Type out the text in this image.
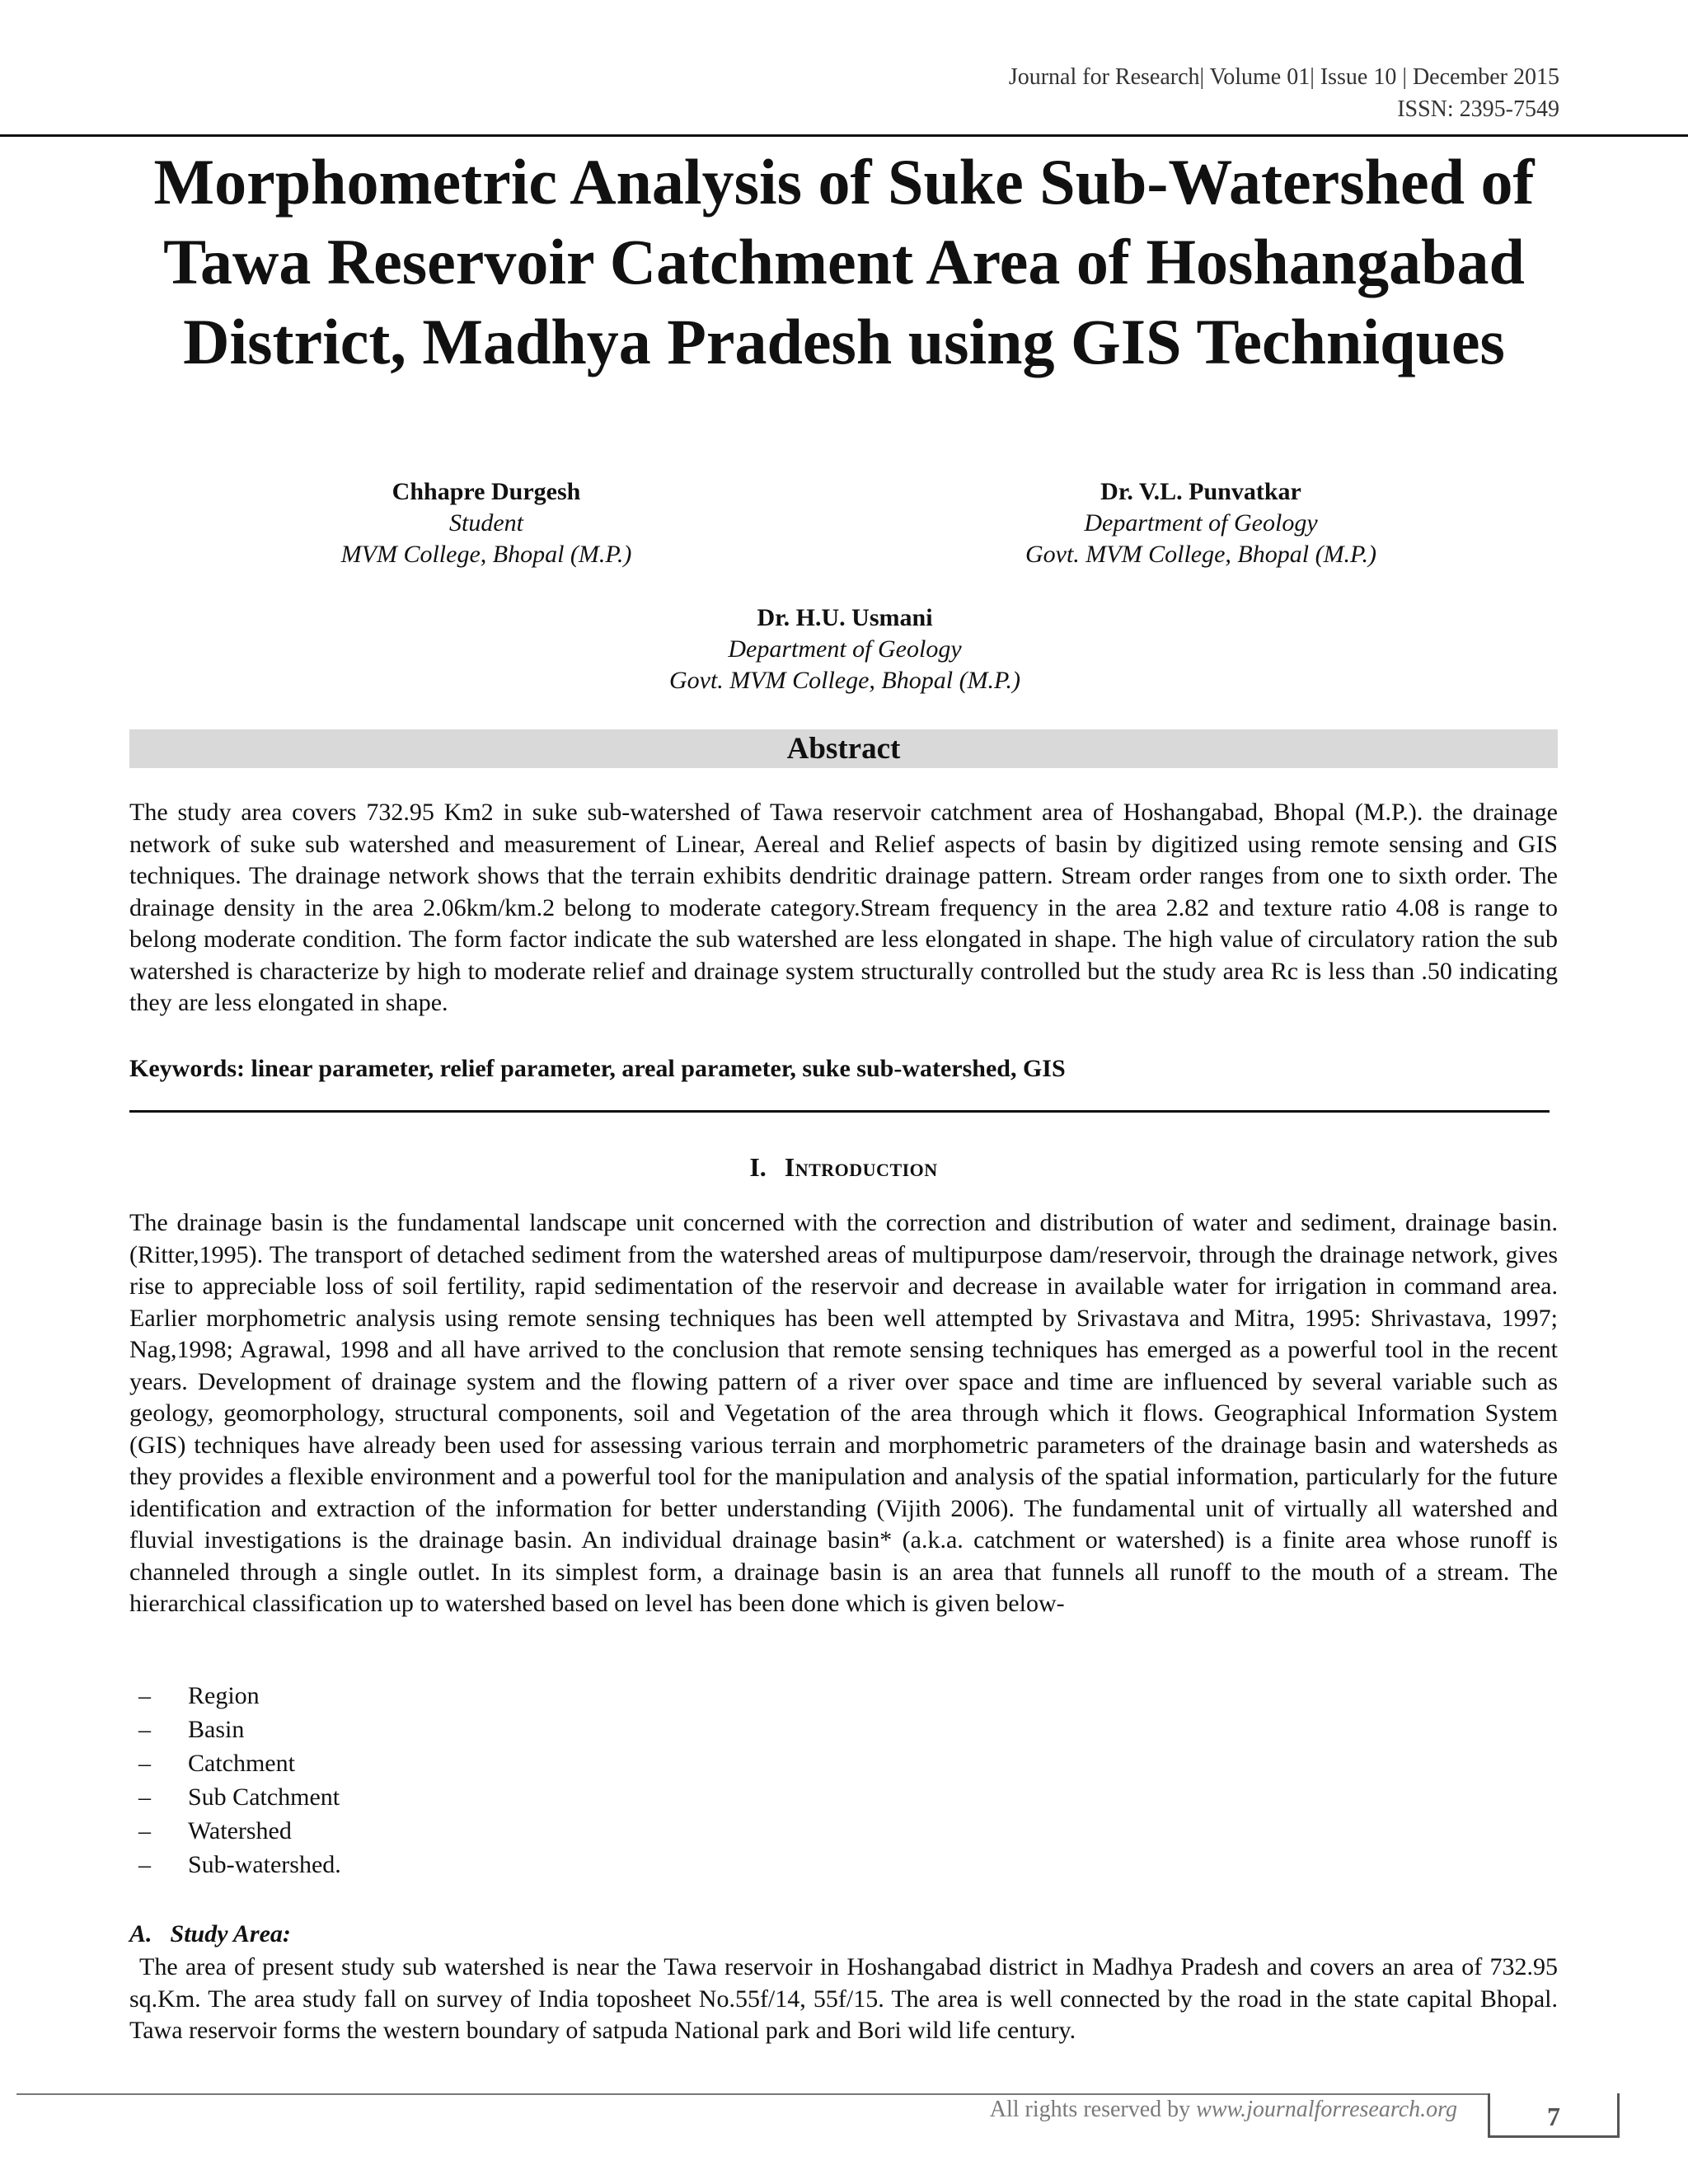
Journal for Research| Volume 01| Issue 10 | December 2015
ISSN: 2395-7549
Morphometric Analysis of Suke Sub-Watershed of Tawa Reservoir Catchment Area of Hoshangabad District, Madhya Pradesh using GIS Techniques
Chhapre Durgesh
Student
MVM College, Bhopal (M.P.)
Dr. V.L. Punvatkar
Department of Geology
Govt. MVM College, Bhopal (M.P.)
Dr. H.U. Usmani
Department of Geology
Govt. MVM College, Bhopal (M.P.)
Abstract

The study area covers 732.95 Km2 in suke sub-watershed of Tawa reservoir catchment area of Hoshangabad, Bhopal (M.P.). the drainage network of suke sub watershed and measurement of Linear, Aereal and Relief aspects of basin by digitized using remote sensing and GIS techniques. The drainage network shows that the terrain exhibits dendritic drainage pattern. Stream order ranges from one to sixth order. The drainage density in the area 2.06km/km.2 belong to moderate category.Stream frequency in the area 2.82 and texture ratio 4.08 is range to belong moderate condition. The form factor indicate the sub watershed are less elongated in shape. The high value of circulatory ration the sub watershed is characterize by high to moderate relief and drainage system structurally controlled but the study area Rc is less than .50 indicating they are less elongated in shape.

Keywords: linear parameter, relief parameter, areal parameter, suke sub-watershed, GIS
I. Introduction

The drainage basin is the fundamental landscape unit concerned with the correction and distribution of water and sediment, drainage basin. (Ritter,1995). The transport of detached sediment from the watershed areas of multipurpose dam/reservoir, through the drainage network, gives rise to appreciable loss of soil fertility, rapid sedimentation of the reservoir and decrease in available water for irrigation in command area. Earlier morphometric analysis using remote sensing techniques has been well attempted by Srivastava and Mitra, 1995: Shrivastava, 1997; Nag,1998; Agrawal, 1998 and all have arrived to the conclusion that remote sensing techniques has emerged as a powerful tool in the recent years. Development of drainage system and the flowing pattern of a river over space and time are influenced by several variable such as geology, geomorphology, structural components, soil and Vegetation of the area through which it flows. Geographical Information System (GIS) techniques have already been used for assessing various terrain and morphometric parameters of the drainage basin and watersheds as they provides a flexible environment and a powerful tool for the manipulation and analysis of the spatial information, particularly for the future identification and extraction of the information for better understanding (Vijith 2006). The fundamental unit of virtually all watershed and fluvial investigations is the drainage basin. An individual drainage basin* (a.k.a. catchment or watershed) is a finite area whose runoff is channeled through a single outlet. In its simplest form, a drainage basin is an area that funnels all runoff to the mouth of a stream. The hierarchical classification up to watershed based on level has been done which is given below-

– Region
– Basin
– Catchment
– Sub Catchment
– Watershed
– Sub-watershed.
A. Study Area:

The area of present study sub watershed is near the Tawa reservoir in Hoshangabad district in Madhya Pradesh and covers an area of 732.95 sq.Km. The area study fall on survey of India toposheet No.55f/14, 55f/15. The area is well connected by the road in the state capital Bhopal. Tawa reservoir forms the western boundary of satpuda National park and Bori wild life century.

All rights reserved by www.journalforresearch.org	7
